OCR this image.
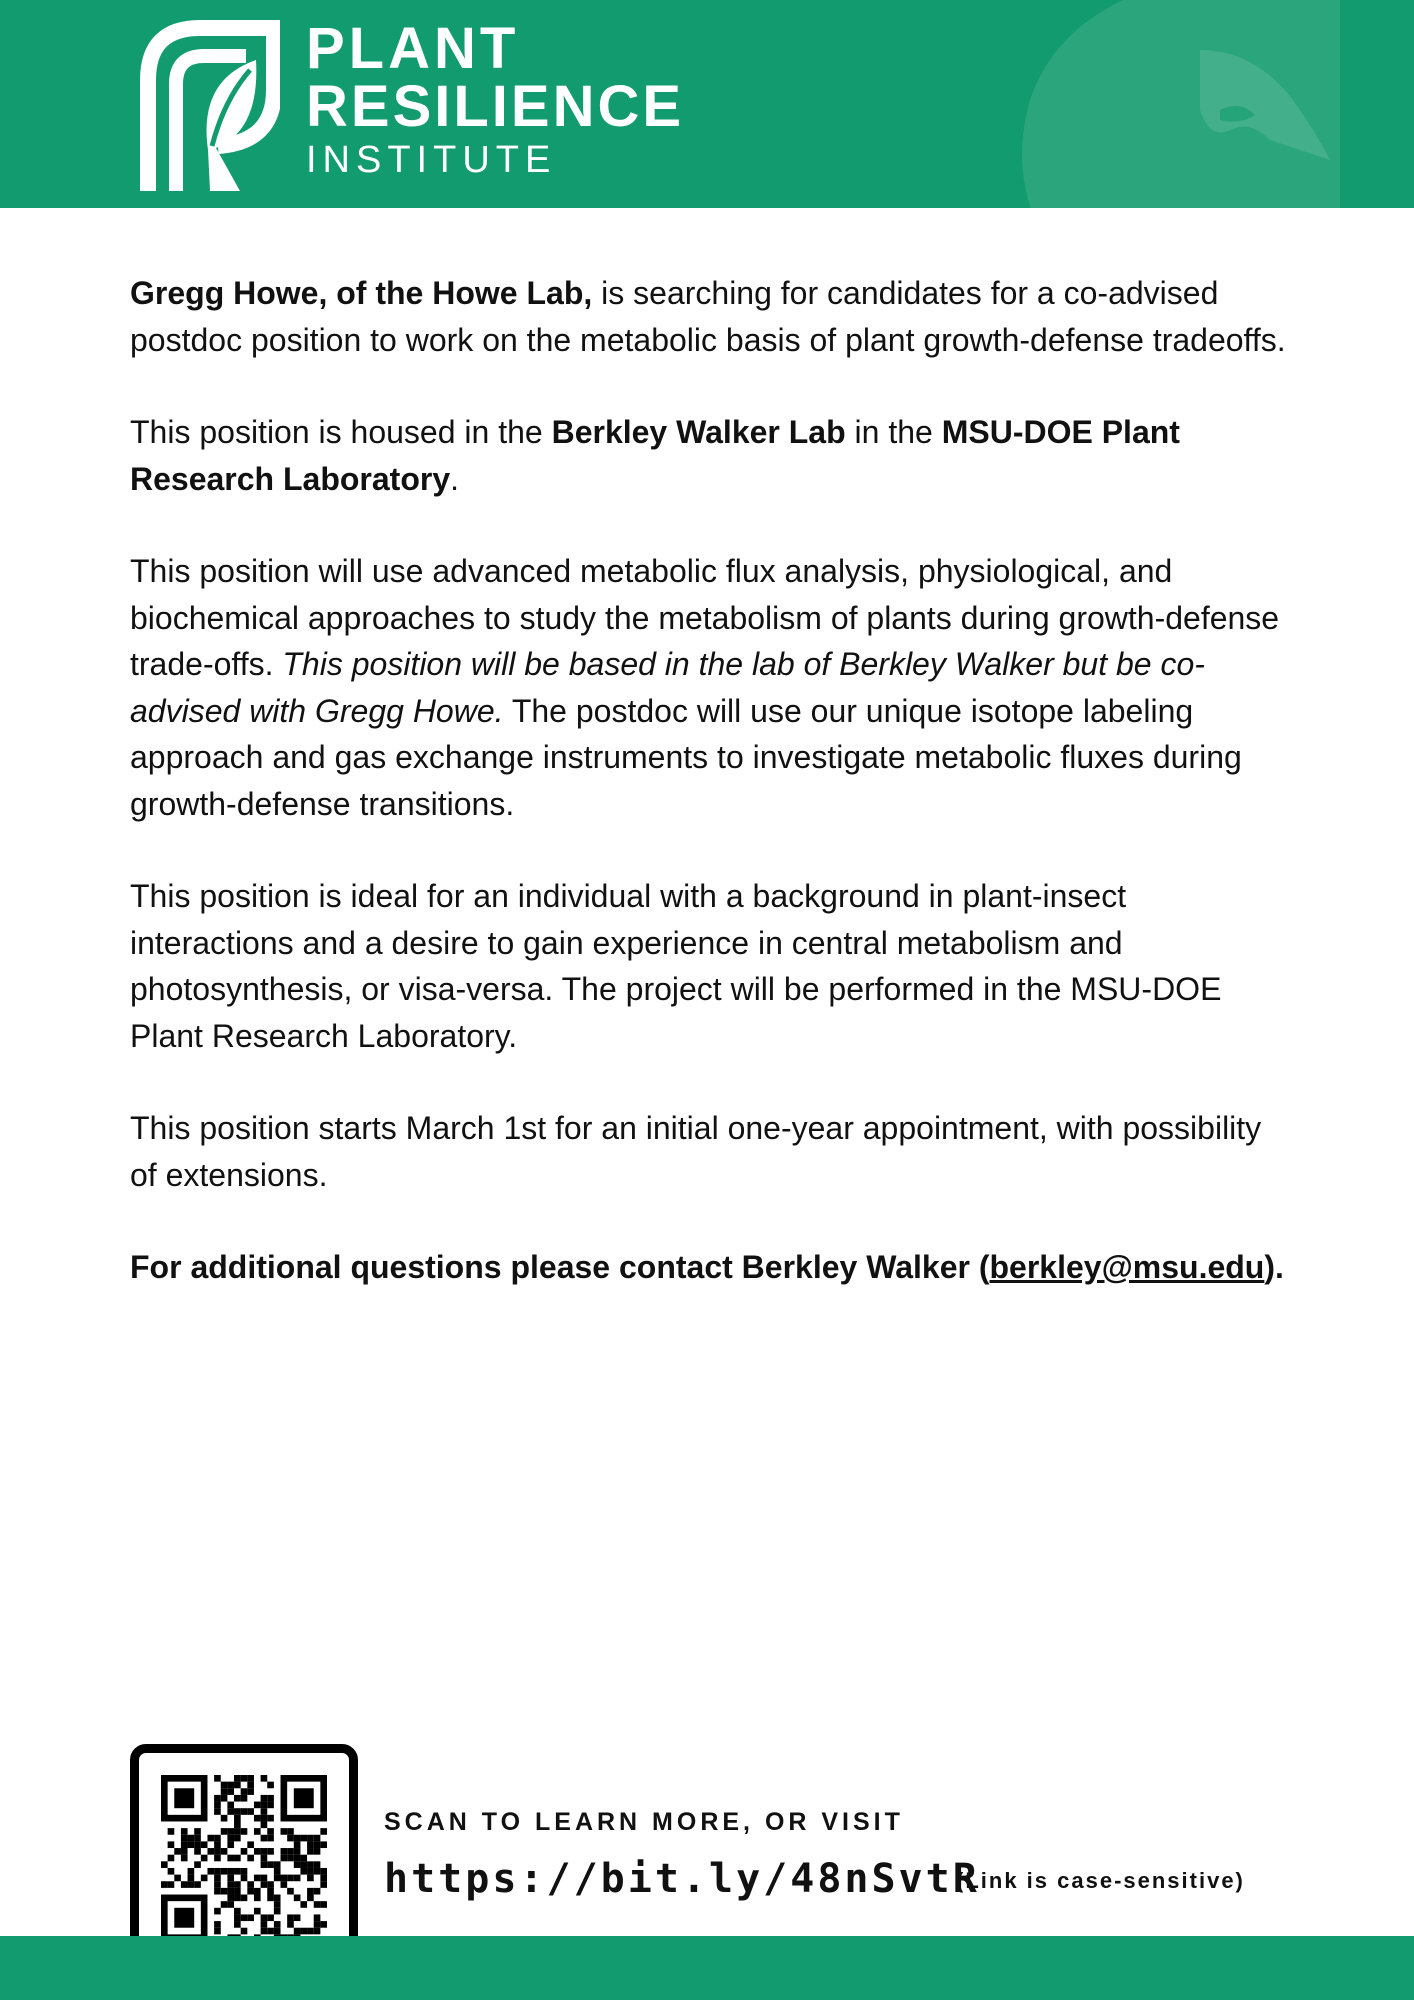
PLANT
RESILIENCE
INSTITUTE

Gregg Howe, of the Howe Lab, is searching for candidates for a co-advised postdoc position to work on the metabolic basis of plant growth-defense tradeoffs.

This position is housed in the Berkley Walker Lab in the MSU-DOE Plant Research Laboratory.

This position will use advanced metabolic flux analysis, physiological, and biochemical approaches to study the metabolism of plants during growth-defense trade-offs. This position will be based in the lab of Berkley Walker but be co-advised with Gregg Howe. The postdoc will use our unique isotope labeling approach and gas exchange instruments to investigate metabolic fluxes during growth-defense transitions.

This position is ideal for an individual with a background in plant-insect interactions and a desire to gain experience in central metabolism and photosynthesis, or visa-versa. The project will be performed in the MSU-DOE Plant Research Laboratory.

This position starts March 1st for an initial one-year appointment, with possibility of extensions.

For additional questions please contact Berkley Walker (berkley@msu.edu).

SCAN TO LEARN MORE, OR VISIT
https://bit.ly/48nSvtR
(Link is case-sensitive)
